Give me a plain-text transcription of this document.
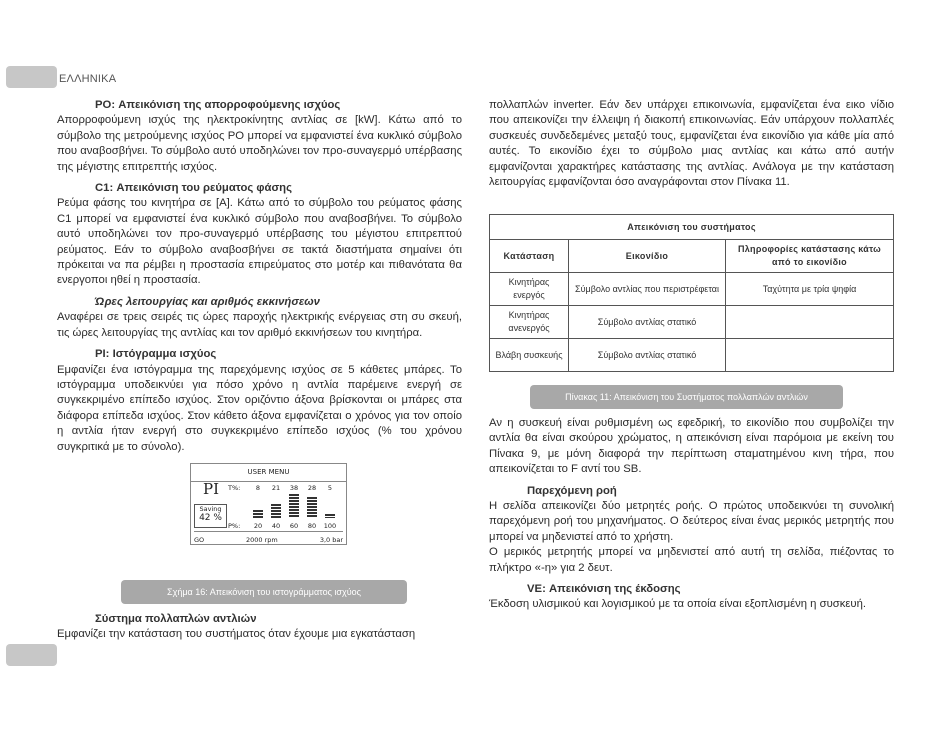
ΕΛΛΗΝΙΚΑ
PO: Απεικόνιση της απορροφούμενης ισχύος

Απορροφούμενη ισχύς της ηλεκτροκίνητης αντλίας σε [kW]. Κάτω από το σύμβολο της μετρούμενης ισχύος PO μπορεί να εμφανιστεί ένα κυκλικό σύμβολο που αναβοσβήνει. Το σύμβολο αυτό υποδηλώνει τον προ-συναγερμό υπέρβασης της μέγιστης επιτρεπτής ισχύος.

C1: Απεικόνιση του ρεύματος φάσης

Ρεύμα φάσης του κινητήρα σε [A]. Κάτω από το σύμβολο του ρεύματος φάσης C1 μπορεί να εμφανιστεί ένα κυκλικό σύμβολο που αναβοσβήνει. Το σύμβολο αυτό υποδηλώνει τον προ-συναγερμό υπέρβασης του μέγιστου επιτρεπτού ρεύματος. Εάν το σύμβολο αναβοσβήνει σε τακτά διαστήματα σημαίνει ότι πρόκειται να πα ρέμβει η προστασία επιρεύματος στο μοτέρ και πιθανότατα θα ενεργοποι ηθεί η προστασία.

Ώρες λειτουργίας και αριθμός εκκινήσεων

Αναφέρει σε τρεις σειρές τις ώρες παροχής ηλεκτρικής ενέργειας στη συ σκευή, τις ώρες λειτουργίας της αντλίας και τον αριθμό εκκινήσεων του κινητήρα.

PI: Ιστόγραμμα ισχύος

Εμφανίζει ένα ιστόγραμμα της παρεχόμενης ισχύος σε 5 κάθετες μπάρες. Το ιστόγραμμα υποδεικνύει για πόσο χρόνο η αντλία παρέμεινε ενεργή σε συγκεκριμένο επίπεδο ισχύος. Στον οριζόντιο άξονα βρίσκονται οι μπάρες στα διάφορα επίπεδα ισχύος. Στον κάθετο άξονα εμφανίζεται ο χρόνος για τον οποίο η αντλία ήταν ενεργή στο συγκεκριμένο επίπεδο ισχύος (% του χρόνου συγκριτικά με το σύνολο).

USER MENU
PI
Saving
42 %
T%:
P%:
8	21	38	28	5
20	40	60	80	100
GO	2000 rpm	3,0 bar
Σχήμα 16: Απεικόνιση του ιστογράμματος ισχύος
Σύστημα πολλαπλών αντλιών

Εμφανίζει την κατάσταση του συστήματος όταν έχουμε μια εγκατάσταση

πολλαπλών inverter. Εάν δεν υπάρχει επικοινωνία, εμφανίζεται ένα εικο νίδιο που απεικονίζει την έλλειψη ή διακοπή επικοινωνίας. Εάν υπάρχουν πολλαπλές συσκευές συνδεδεμένες μεταξύ τους, εμφανίζεται ένα εικονίδιο για κάθε μία από αυτές. Το εικονίδιο έχει το σύμβολο μιας αντλίας και κάτω από αυτήν εμφανίζονται χαρακτήρες κατάστασης της αντλίας. Ανάλογα με την κατάσταση λειτουργίας εμφανίζονται όσο αναγράφονται στον Πίνακα 11.

Απεικόνιση του συστήματος		
Κατάσταση	Εικονίδιο	Πληροφορίες κατάστασης κάτω από το εικονίδιο
Κινητήρας ενεργός	Σύμβολο αντλίας που περιστρέφεται	Ταχύτητα με τρία ψηφία
Κινητήρας ανενεργός	Σύμβολο αντλίας στατικό	
Βλάβη συσκευής	Σύμβολο αντλίας στατικό	
Πίνακας 11: Απεικόνιση του Συστήματος πολλαπλών αντλιών

Αν η συσκευή είναι ρυθμισμένη ως εφεδρική, το εικονίδιο που συμβολίζει την αντλία θα είναι σκούρου χρώματος, η απεικόνιση είναι παρόμοια με εκείνη του Πίνακα 9, με μόνη διαφορά την περίπτωση σταματημένου κινη τήρα, που απεικονίζεται το F αντί του SB.

Παρεχόμενη ροή

Η σελίδα απεικονίζει δύο μετρητές ροής. Ο πρώτος υποδεικνύει τη συνολική παρεχόμενη ροή του μηχανήματος. Ο δεύτερος είναι ένας μερικός μετρητής που μπορεί να μηδενιστεί από το χρήστη.

Ο μερικός μετρητής μπορεί να μηδενιστεί από αυτή τη σελίδα, πιέζοντας το πλήκτρο «-η» για 2 δευτ.

VE: Απεικόνιση της έκδοσης

Έκδοση υλισμικού και λογισμικού με τα οποία είναι εξοπλισμένη η συσκευή.
